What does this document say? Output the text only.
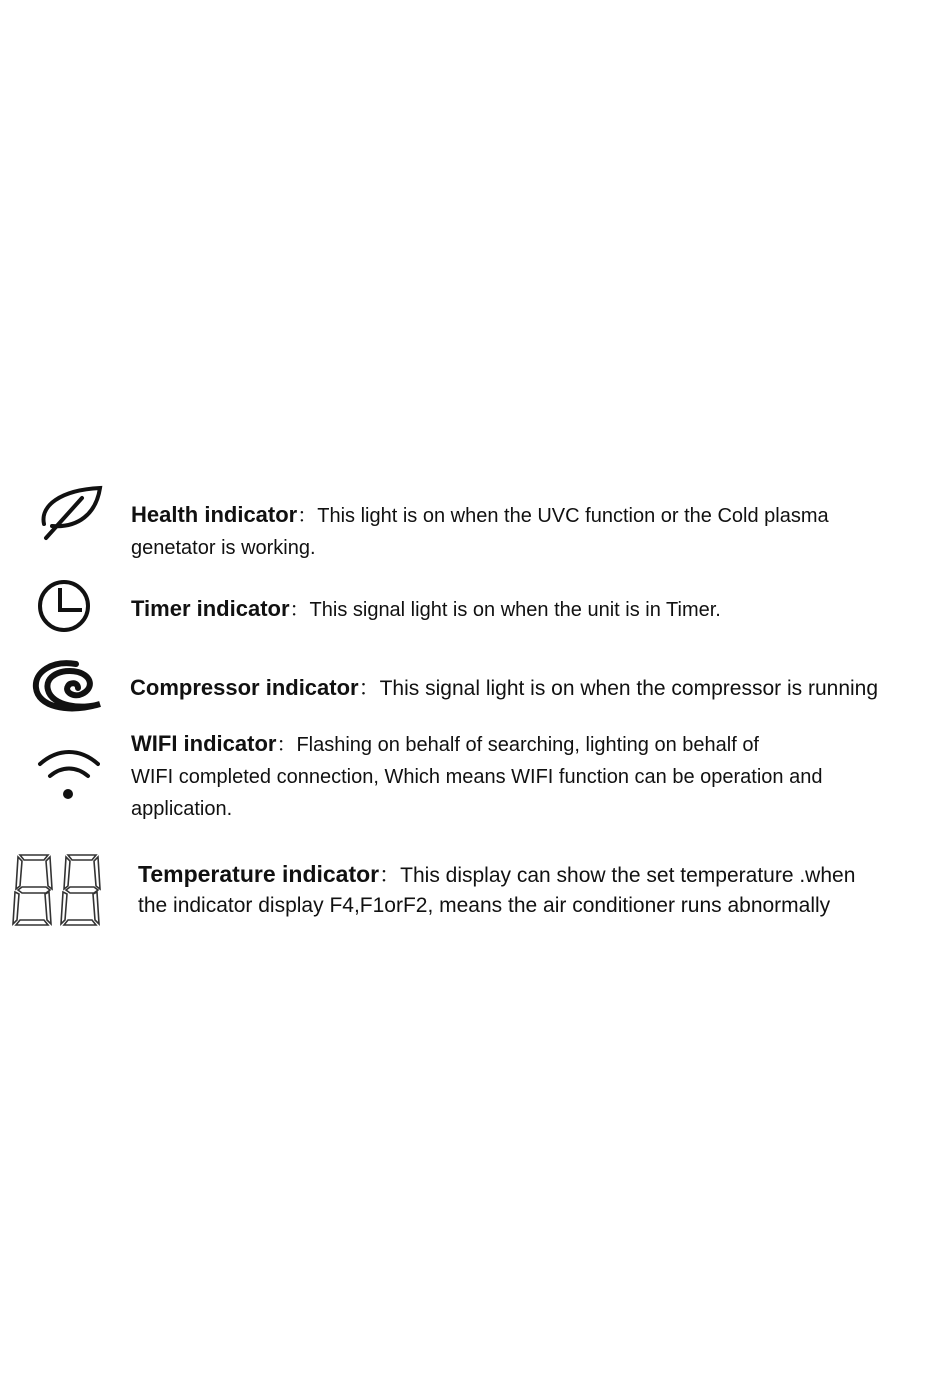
Health indicator：This light is on when the UVC function or the Cold plasma
genetator is working.
Timer indicator：This signal light is on when the unit is in Timer.
Compressor indicator：This signal light is on when the compressor is running
WIFI indicator：Flashing on behalf of searching, lighting on behalf of
WIFI completed connection, Which means WIFI function can be operation and
application.
Temperature indicator：This display can show the set temperature .when
the indicator display F4,F1orF2, means the air conditioner runs abnormally
